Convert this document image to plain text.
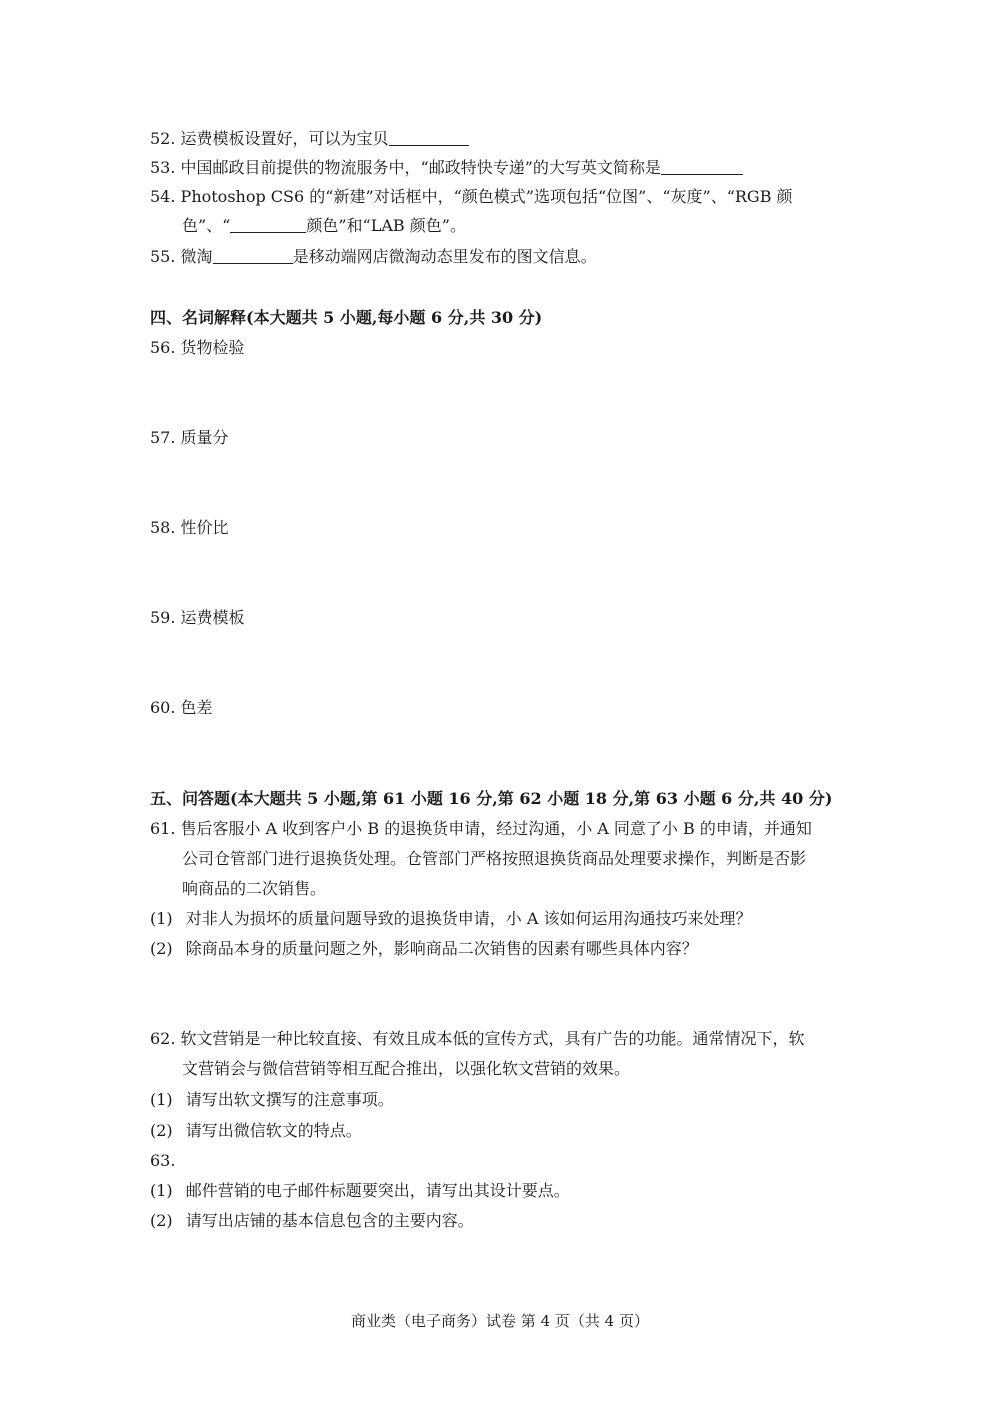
52. 运费模板设置好，可以为宝贝
53. 中国邮政目前提供的物流服务中，“邮政特快专递”的大写英文简称是
54. Photoshop CS6 的“新建”对话框中，“颜色模式”选项包括“位图”、“灰度”、“RGB 颜
色”、“	颜色”和“LAB 颜色”。
55. 微淘	是移动端网店微淘动态里发布的图文信息。
四、名词解释(本大题共 5 小题,每小题 6 分,共 30 分)
56. 货物检验
57. 质量分
58. 性价比
59. 运费模板
60. 色差
五、问答题(本大题共 5 小题,第 61 小题 16 分,第 62 小题 18 分,第 63 小题 6 分,共 40 分)
61. 售后客服小 A 收到客户小 B 的退换货申请，经过沟通，小 A 同意了小 B 的申请，并通知
公司仓管部门进行退换货处理。仓管部门严格按照退换货商品处理要求操作，判断是否影
响商品的二次销售。
(1) 对非人为损坏的质量问题导致的退换货申请，小 A 该如何运用沟通技巧来处理？
(2) 除商品本身的质量问题之外，影响商品二次销售的因素有哪些具体内容？
62. 软文营销是一种比较直接、有效且成本低的宣传方式，具有广告的功能。通常情况下，软
文营销会与微信营销等相互配合推出，以强化软文营销的效果。
(1) 请写出软文撰写的注意事项。
(2) 请写出微信软文的特点。
63.
(1) 邮件营销的电子邮件标题要突出，请写出其设计要点。
(2) 请写出店铺的基本信息包含的主要内容。
商业类（电子商务）试卷 第 4 页（共 4 页）
